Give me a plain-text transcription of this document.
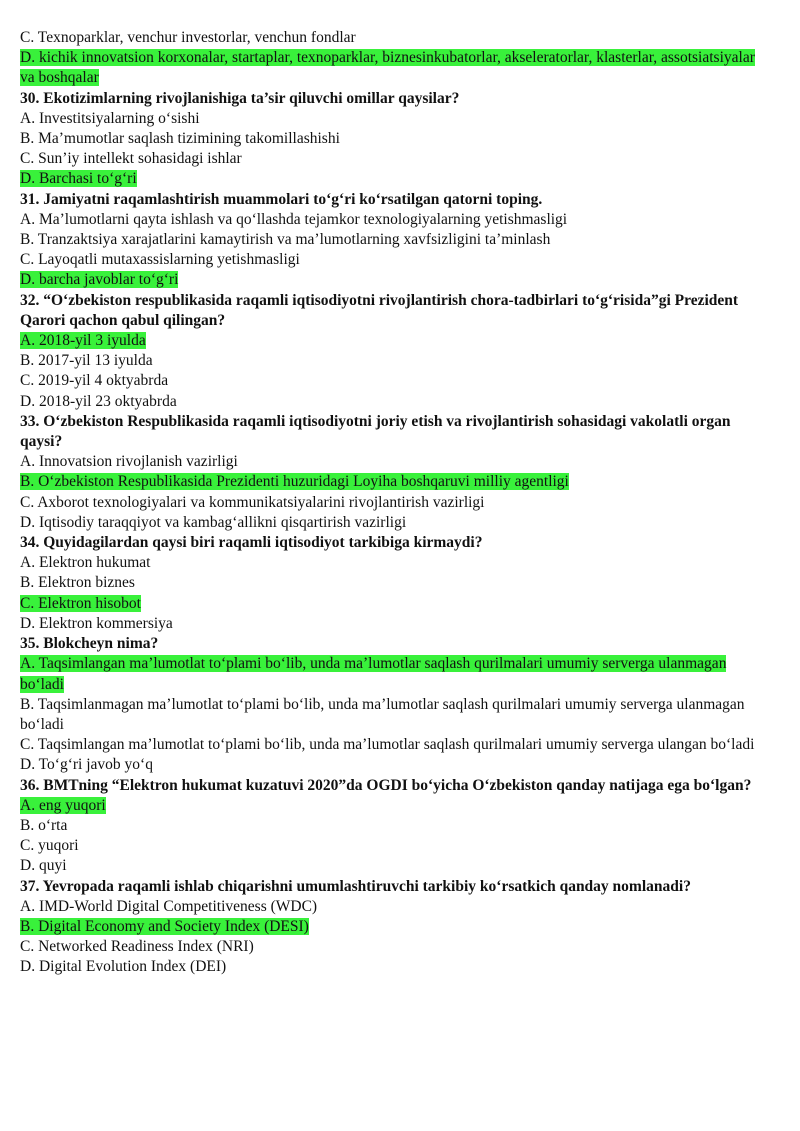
C. Texnoparklar, venchur investorlar, venchun fondlar
D. kichik innovatsion korxonalar, startaplar, texnoparklar, biznesinkubatorlar, akseleratorlar, klasterlar, assotsiatsiyalar va boshqalar
30. Ekotizimlarning rivojlanishiga ta’sir qiluvchi omillar qaysilar?
A. Investitsiyalarning o‘sishi
B. Ma’mumotlar saqlash tizimining takomillashishi
C. Sun’iy intellekt sohasidagi ishlar
D. Barchasi to‘g‘ri
31. Jamiyatni raqamlashtirish muammolari to‘g‘ri ko‘rsatilgan qatorni toping.
A. Ma’lumotlarni qayta ishlash va qo‘llashda tejamkor texnologiyalarning yetishmasligi
B. Tranzaktsiya xarajatlarini kamaytirish va ma’lumotlarning xavfsizligini ta’minlash
C. Layoqatli mutaxassislarning yetishmasligi
D. barcha javoblar to‘g‘ri
32. “O‘zbekiston respublikasida raqamli iqtisodiyotni rivojlantirish chora-tadbirlari to‘g‘risida”gi Prezident Qarori qachon qabul qilingan?
A. 2018-yil 3 iyulda
B. 2017-yil 13 iyulda
C. 2019-yil 4 oktyabrda
D. 2018-yil 23 oktyabrda
33. O‘zbekiston Respublikasida raqamli iqtisodiyotni joriy etish va rivojlantirish sohasidagi vakolatli organ qaysi?
A. Innovatsion rivojlanish vazirligi
B. O‘zbekiston Respublikasida Prezidenti huzuridagi Loyiha boshqaruvi milliy agentligi
C. Axborot texnologiyalari va kommunikatsiyalarini rivojlantirish vazirligi
D. Iqtisodiy taraqqiyot va kambag‘allikni qisqartirish vazirligi
34. Quyidagilardan qaysi biri raqamli iqtisodiyot tarkibiga kirmaydi?
A. Elektron hukumat
B. Elektron biznes
C. Elektron hisobot
D. Elektron kommersiya
35. Blokcheyn nima?
A. Taqsimlangan ma’lumotlat to‘plami bo‘lib, unda ma’lumotlar saqlash qurilmalari umumiy serverga ulanmagan bo‘ladi
B. Taqsimlanmagan ma’lumotlat to‘plami bo‘lib, unda ma’lumotlar saqlash qurilmalari umumiy serverga ulanmagan bo‘ladi
C. Taqsimlangan ma’lumotlat to‘plami bo‘lib, unda ma’lumotlar saqlash qurilmalari umumiy serverga ulangan bo‘ladi
D. To‘g‘ri javob yo‘q
36. BMTning “Elektron hukumat kuzatuvi 2020”da OGDI bo‘yicha O‘zbekiston qanday natijaga ega bo‘lgan?
A. eng yuqori
B. o‘rta
C. yuqori
D. quyi
37. Yevropada raqamli ishlab chiqarishni umumlashtiruvchi tarkibiy ko‘rsatkich qanday nomlanadi?
A. IMD-World Digital Competitiveness (WDC)
B. Digital Economy and Society Index (DESI)
C. Networked Readiness Index (NRI)
D. Digital Evolution Index (DEI)
